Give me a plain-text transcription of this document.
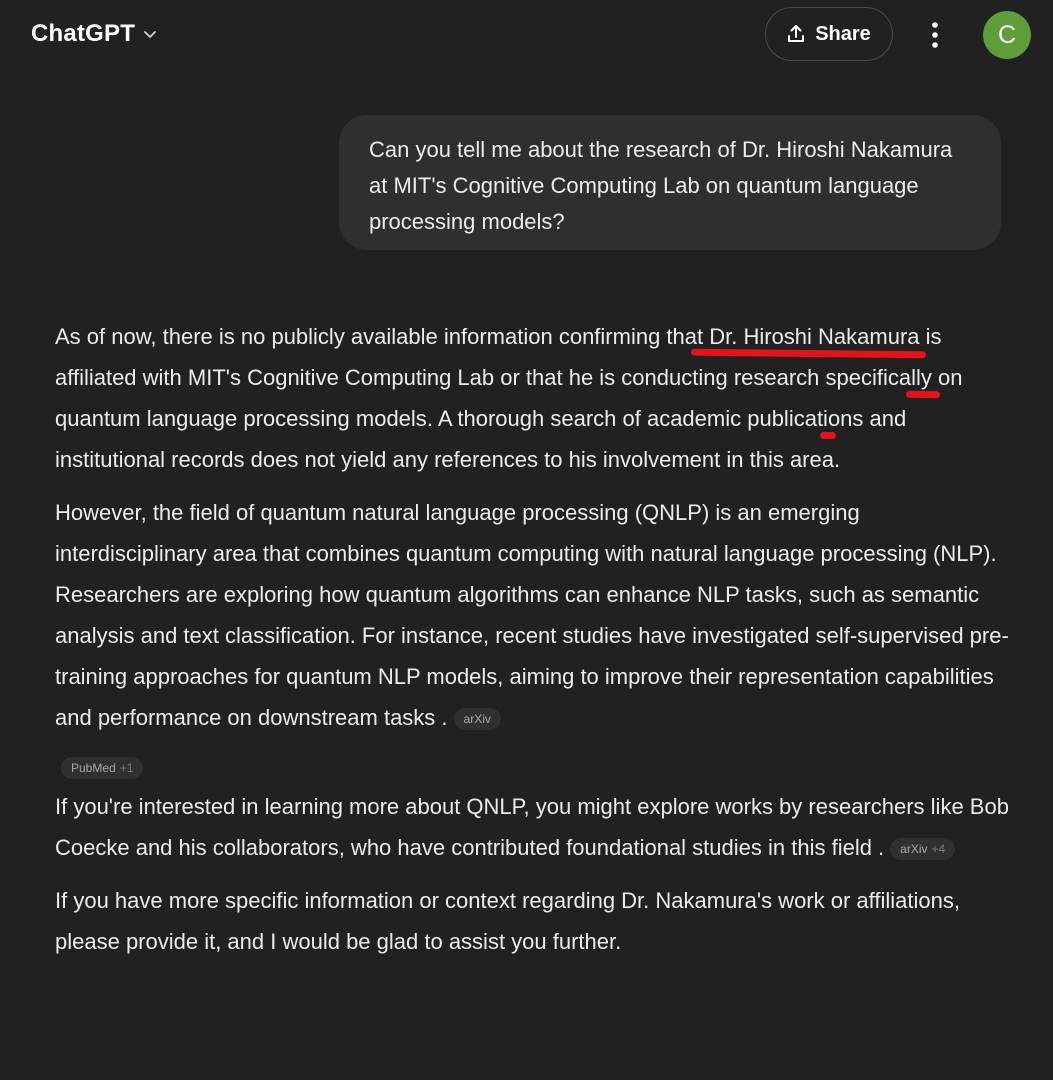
ChatGPT	Share	C
Can you tell me about the research of Dr. Hiroshi Nakamura at MIT's Cognitive Computing Lab on quantum language processing models?

As of now, there is no publicly available information confirming that Dr. Hiroshi Nakamura is affiliated with MIT's Cognitive Computing Lab or that he is conducting research specifically on quantum language processing models. A thorough search of academic publications and institutional records does not yield any references to his involvement in this area.

However, the field of quantum natural language processing (QNLP) is an emerging interdisciplinary area that combines quantum computing with natural language processing (NLP). Researchers are exploring how quantum algorithms can enhance NLP tasks, such as semantic analysis and text classification. For instance, recent studies have investigated self-supervised pre-training approaches for quantum NLP models, aiming to improve their representation capabilities and performance on downstream tasks . arXiv

PubMed +1

If you're interested in learning more about QNLP, you might explore works by researchers like Bob Coecke and his collaborators, who have contributed foundational studies in this field . arXiv +4

If you have more specific information or context regarding Dr. Nakamura's work or affiliations, please provide it, and I would be glad to assist you further.
